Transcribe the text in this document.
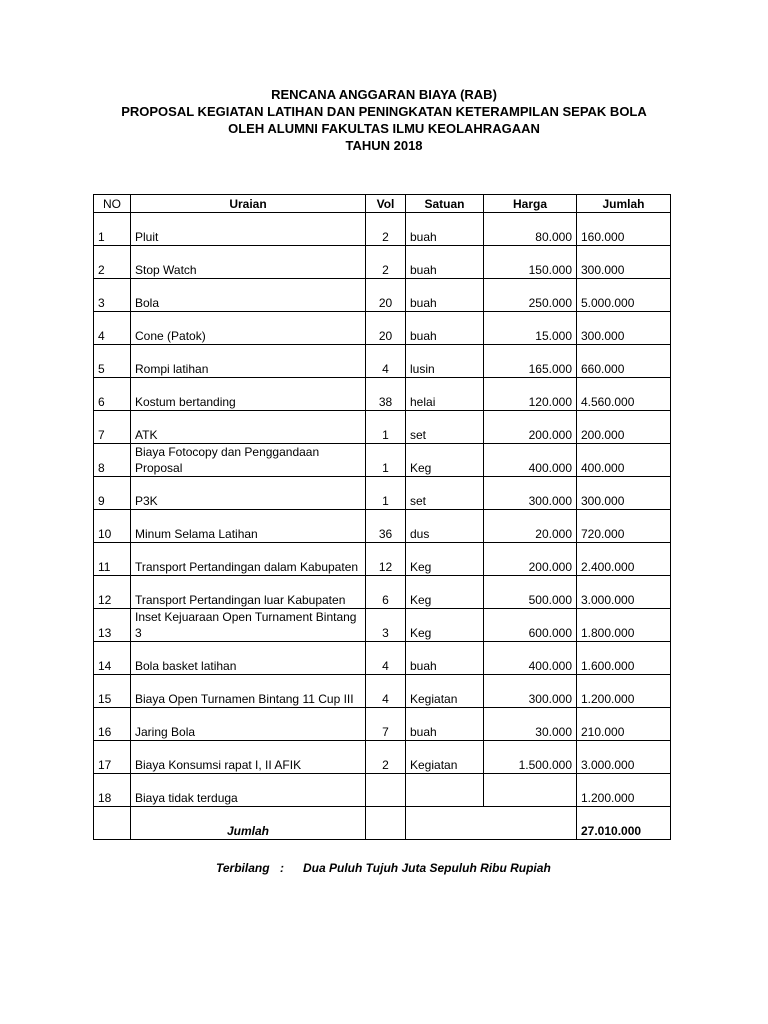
RENCANA ANGGARAN BIAYA (RAB)
PROPOSAL KEGIATAN LATIHAN DAN PENINGKATAN KETERAMPILAN SEPAK BOLA
OLEH ALUMNI FAKULTAS ILMU KEOLAHRAGAAN
TAHUN 2018
NO	Uraian	Vol	Satuan	Harga	Jumlah
1	Pluit	2	buah	80.000	160.000
2	Stop Watch	2	buah	150.000	300.000
3	Bola	20	buah	250.000	5.000.000
4	Cone (Patok)	20	buah	15.000	300.000
5	Rompi latihan	4	lusin	165.000	660.000
6	Kostum bertanding	38	helai	120.000	4.560.000
7	ATK	1	set	200.000	200.000
8	Biaya Fotocopy dan Penggandaan Proposal	1	Keg	400.000	400.000
9	P3K	1	set	300.000	300.000
10	Minum Selama Latihan	36	dus	20.000	720.000
11	Transport Pertandingan dalam Kabupaten	12	Keg	200.000	2.400.000
12	Transport Pertandingan luar Kabupaten	6	Keg	500.000	3.000.000
13	Inset Kejuaraan Open Turnament Bintang 3	3	Keg	600.000	1.800.000
14	Bola basket latihan	4	buah	400.000	1.600.000
15	Biaya Open Turnamen Bintang 11 Cup III	4	Kegiatan	300.000	1.200.000
16	Jaring Bola	7	buah	30.000	210.000
17	Biaya Konsumsi rapat I, II AFIK	2	Kegiatan	1.500.000	3.000.000
18	Biaya tidak terduga				1.200.000
	Jumlah				27.010.000
Terbilang : Dua Puluh Tujuh Juta Sepuluh Ribu Rupiah
